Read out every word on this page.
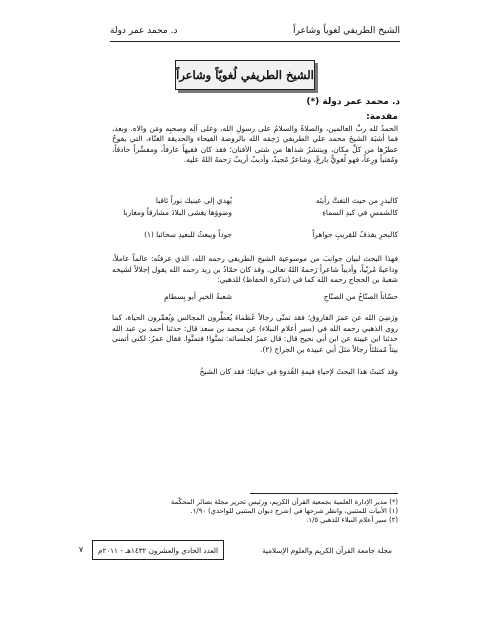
الشيخ الطريفي لغوياً وشاعراً
د. محمد عمر دولة
الشيخ الطريفي لُغويّاً وشاعراً
د. محمد عمر دولة (*)
مقدمة:

الحمدُ لله ربِّ العالمين، والصلاةُ والسلامُ على رسولِ الله، وعلى آلِه وصحبِه ومَن والاه. وبعد، فما أشبَهَ الشيخَ محمد علي الطريفي رَحِمَه الله بالروضة الفيحاء والحديقة الغنّاء، التي يفوحُ عطرُها من كلِّ مكان، وينتشرُ شذاها من شتى الأفنان؛ فقد كان فقيهاً عارفاً، ومفسِّراً حاذقاً، ومُفتياً ورِعاً، فهو لُغويٌّ بارعٌ، وشاعرٌ مُجيدٌ، وأديبٌ أريبٌ رَحمهُ اللهُ عليه.

كالبدرِ من حيث التفتَّ رأيتَه
يُهدي إلى عينيك نوراً ثاقبا
كالشمسِ في كبدِ السماءِ
وضوؤها يغشى البلادَ مشارقاً ومغاربا
كالبحرِ يقذفُ للقريبِ جواهراً
جوداً ويبعثُ للبعيدِ سحائبا (١)

فهذا البحث لبيان جوانبَ من موسوعية الشيخ الطريفي رحمه الله، الذي عرفتُه: عالماً عاملاً، وداعيةً مُربّياً، وأديباً شاعراً رَحمهُ اللهُ تعالى. وقد كان حمّادُ بن زيد رحمه الله يقول إجلالاً لشيخه شعبةَ بن الحجاج رحمه الله كما في (تذكرة الحفاظ) للذهبي:

حسّاناً الصنّاجُ من الصنّاجِ
شعبةُ الخيرِ أبو بِسطامِ

ورَضِيَ الله عن عمرَ الفاروق؛ فقد تمنّى رجالاً عُظماءَ يُعطِّرون المجالس ويُعمِّرون الحياة، كما روى الذهبي رحمه الله في (سير أعلام النبلاء) عن محمد بن سعد قال: حدثنا أحمد بن عبد الله حدثنا ابن عيينة عن ابن أبي نجيح قال: قال عمرُ لجلسائه: تمنَّوا! فتمنَّوا. فقال عمرُ: لكني أتمنى بيتاً مُمتلئاً رجالاً مثلَ أبي عبيدة بن الجراح (٢).

وقد كتبتُ هذا البحثَ لإحياءِ قيمةِ القُدوةِ في حياتِنا؛ فقد كان الشيخُ

(*) مدير الإدارة العلمية بجمعية القرآن الكريم، ورئيس تحرير مجلة بصائر المحكّمة
(١) الأبيات للمتنبي، وانظر شرحها في (شرح ديوان المتنبي للواحدي) ١/٩٠.
(٢) سير أعلام النبلاء للذهبي ١/٥.
مجلة جامعة القرآن الكريم والعلوم الإسلامية
العدد الحادي والعشرون ١٤٣٢هـ - ٢٠١١م
٧
